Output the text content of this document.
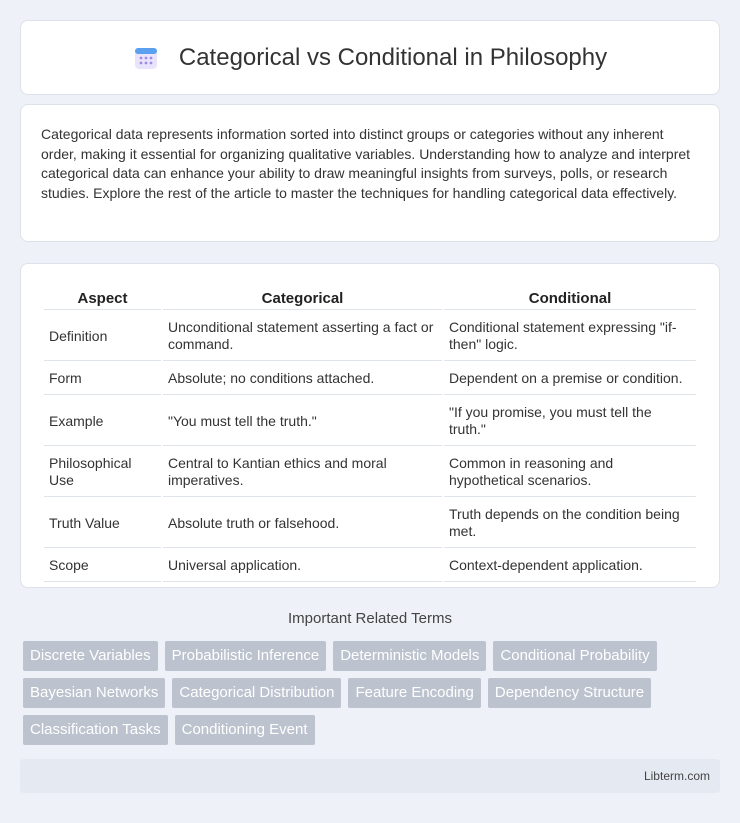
Categorical vs Conditional in Philosophy

Categorical data represents information sorted into distinct groups or categories without any inherent order, making it essential for organizing qualitative variables. Understanding how to analyze and interpret categorical data can enhance your ability to draw meaningful insights from surveys, polls, or research studies. Explore the rest of the article to master the techniques for handling categorical data effectively.

Aspect	Categorical	Conditional
Definition	Unconditional statement asserting a fact or command.	Conditional statement expressing "if-then" logic.
Form	Absolute; no conditions attached.	Dependent on a premise or condition.
Example	"You must tell the truth."	"If you promise, you must tell the truth."
Philosophical Use	Central to Kantian ethics and moral imperatives.	Common in reasoning and hypothetical scenarios.
Truth Value	Absolute truth or falsehood.	Truth depends on the condition being met.
Scope	Universal application.	Context-dependent application.
Important Related Terms
Discrete Variables	Probabilistic Inference	Deterministic Models	Conditional Probability
Bayesian Networks	Categorical Distribution	Feature Encoding	Dependency Structure
Classification Tasks	Conditioning Event
Libterm.com
